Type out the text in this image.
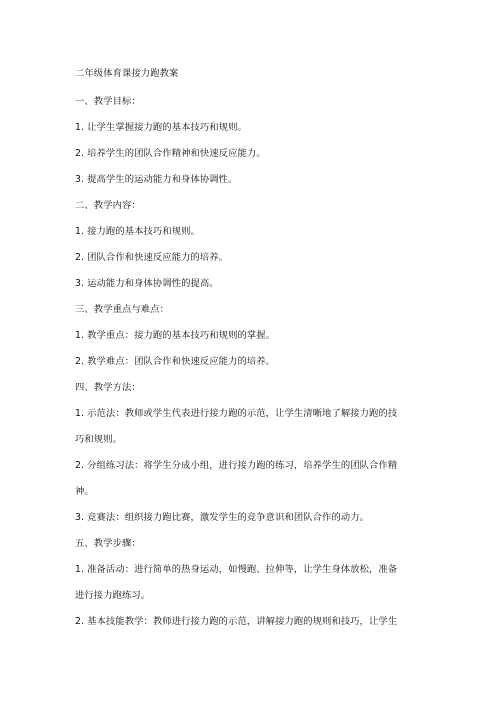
二年级体育课接力跑教案

一、教学目标：

1. 让学生掌握接力跑的基本技巧和规则。

2. 培养学生的团队合作精神和快速反应能力。

3. 提高学生的运动能力和身体协调性。

二、教学内容：

1. 接力跑的基本技巧和规则。

2. 团队合作和快速反应能力的培养。

3. 运动能力和身体协调性的提高。

三、教学重点与难点：

1. 教学重点：接力跑的基本技巧和规则的掌握。

2. 教学难点：团队合作和快速反应能力的培养。

四、教学方法：

1. 示范法：教师或学生代表进行接力跑的示范，让学生清晰地了解接力跑的技

巧和规则。

2. 分组练习法：将学生分成小组，进行接力跑的练习，培养学生的团队合作精

神。

3. 竞赛法：组织接力跑比赛，激发学生的竞争意识和团队合作的动力。

五、教学步骤：

1. 准备活动：进行简单的热身运动，如慢跑、拉伸等，让学生身体放松，准备

进行接力跑练习。

2. 基本技能教学：教师进行接力跑的示范，讲解接力跑的规则和技巧，让学生
